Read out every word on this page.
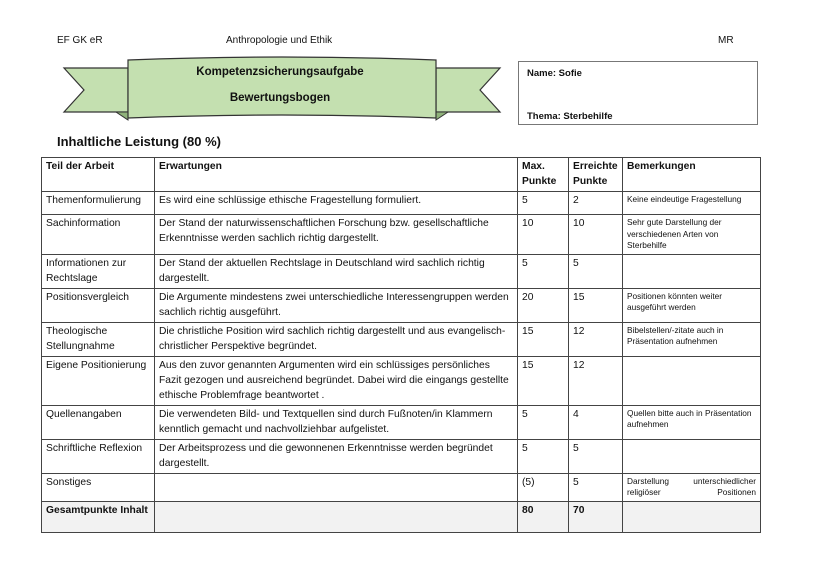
EF GK eR	Anthropologie und Ethik	MR
Kompetenzsicherungsaufgabe
Bewertungsbogen
Name: Sofie
Thema: Sterbehilfe
Inhaltliche Leistung (80 %)
Teil der Arbeit	Erwartungen	Max. Punkte	Erreichte Punkte	Bemerkungen
Themenformulierung	Es wird eine schlüssige ethische Fragestellung formuliert.	5	2	Keine eindeutige Fragestellung
Sachinformation	Der Stand der naturwissenschaftlichen Forschung bzw. gesellschaftliche Erkenntnisse werden sachlich richtig dargestellt.	10	10	Sehr gute Darstellung der verschiedenen Arten von Sterbehilfe
Informationen zur Rechtslage	Der Stand der aktuellen Rechtslage in Deutschland wird sachlich richtig dargestellt.	5	5	
Positionsvergleich	Die Argumente mindestens zwei unterschiedliche Interessengruppen werden sachlich richtig ausgeführt.	20	15	Positionen könnten weiter ausgeführt werden
Theologische Stellungnahme	Die christliche Position wird sachlich richtig dargestellt und aus evangelisch-christlicher Perspektive begründet.	15	12	Bibelstellen/-zitate auch in Präsentation aufnehmen
Eigene Positionierung	Aus den zuvor genannten Argumenten wird ein schlüssiges persönliches Fazit gezogen und ausreichend begründet. Dabei wird die eingangs gestellte ethische Problemfrage beantwortet .	15	12	
Quellenangaben	Die verwendeten Bild- und Textquellen sind durch Fußnoten/in Klammern kenntlich gemacht und nachvollziehbar aufgelistet.	5	4	Quellen bitte auch in Präsentation aufnehmen
Schriftliche Reflexion	Der Arbeitsprozess und die gewonnenen Erkenntnisse werden begründet dargestellt.	5	5	
Sonstiges		(5)	5	Darstellung unterschiedlicher religiöser Positionen
Gesamtpunkte Inhalt		80	70	
